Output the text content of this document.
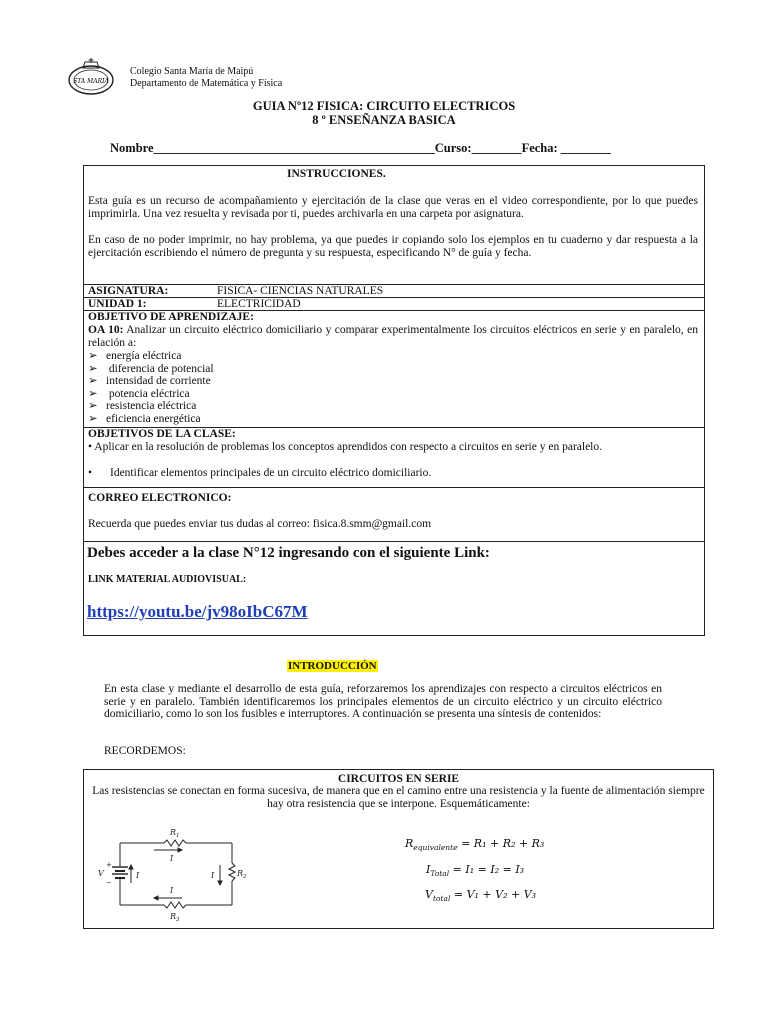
STA MARIA
Colegio Santa María de Maipú
Departamento de Matemática y Física
GUIA Nº12 FISICA: CIRCUITO ELECTRICOS
8 º ENSEÑANZA BASICA
Nombre_____________________________________________Curso:________Fecha: ________
INSTRUCCIONES.
Esta guía es un recurso de acompañamiento y ejercitación de la clase que veras en el video correspondiente, por lo que puedes imprimirla. Una vez resuelta y revisada por ti, puedes archivarla en una carpeta por asignatura.
En caso de no poder imprimir, no hay problema, ya que puedes ir copiando solo los ejemplos en tu cuaderno y dar respuesta a la ejercitación escribiendo el número de pregunta y su respuesta, especificando N° de guía y fecha.
ASIGNATURA:	FISICA- CIENCIAS NATURALES
UNIDAD 1:	ELECTRICIDAD
OBJETIVO DE APRENDIZAJE:
OA 10: Analizar un circuito eléctrico domiciliario y comparar experimentalmente los circuitos eléctricos en serie y en paralelo, en relación a:
➢ energía eléctrica
➢ diferencia de potencial
➢ intensidad de corriente
➢ potencia eléctrica
➢ resistencia eléctrica
➢ eficiencia energética
OBJETIVOS DE LA CLASE:
• Aplicar en la resolución de problemas los conceptos aprendidos con respecto a circuitos en serie y en paralelo.
• Identificar elementos principales de un circuito eléctrico domiciliario.
CORREO ELECTRONICO:
Recuerda que puedes enviar tus dudas al correo: fisica.8.smm@gmail.com
Debes acceder a la clase N°12 ingresando con el siguiente Link:
LINK MATERIAL AUDIOVISUAL:
https://youtu.be/jv98oIbC67M
INTRODUCCIÓN
En esta clase y mediante el desarrollo de esta guía, reforzaremos los aprendizajes con respecto a circuitos eléctricos en serie y en paralelo. También identificaremos los principales elementos de un circuito eléctrico y un circuito eléctrico domiciliario, como lo son los fusibles e interruptores. A continuación se presenta una síntesis de contenidos:
RECORDEMOS:
CIRCUITOS EN SERIE
Las resistencias se conectan en forma sucesiva, de manera que en el camino entre una resistencia y la fuente de alimentación siempre hay otra resistencia que se interpone. Esquemáticamente:
$R_1$
$R_2$
$R_3$
V
+
−
I
I
I	I
$R_{equivalente} = R_1 + R_2 + R_3$
$I_{Total} = I_1 = I_2 = I_3$
$V_{total} = V_1 + V_2 + V_3$
